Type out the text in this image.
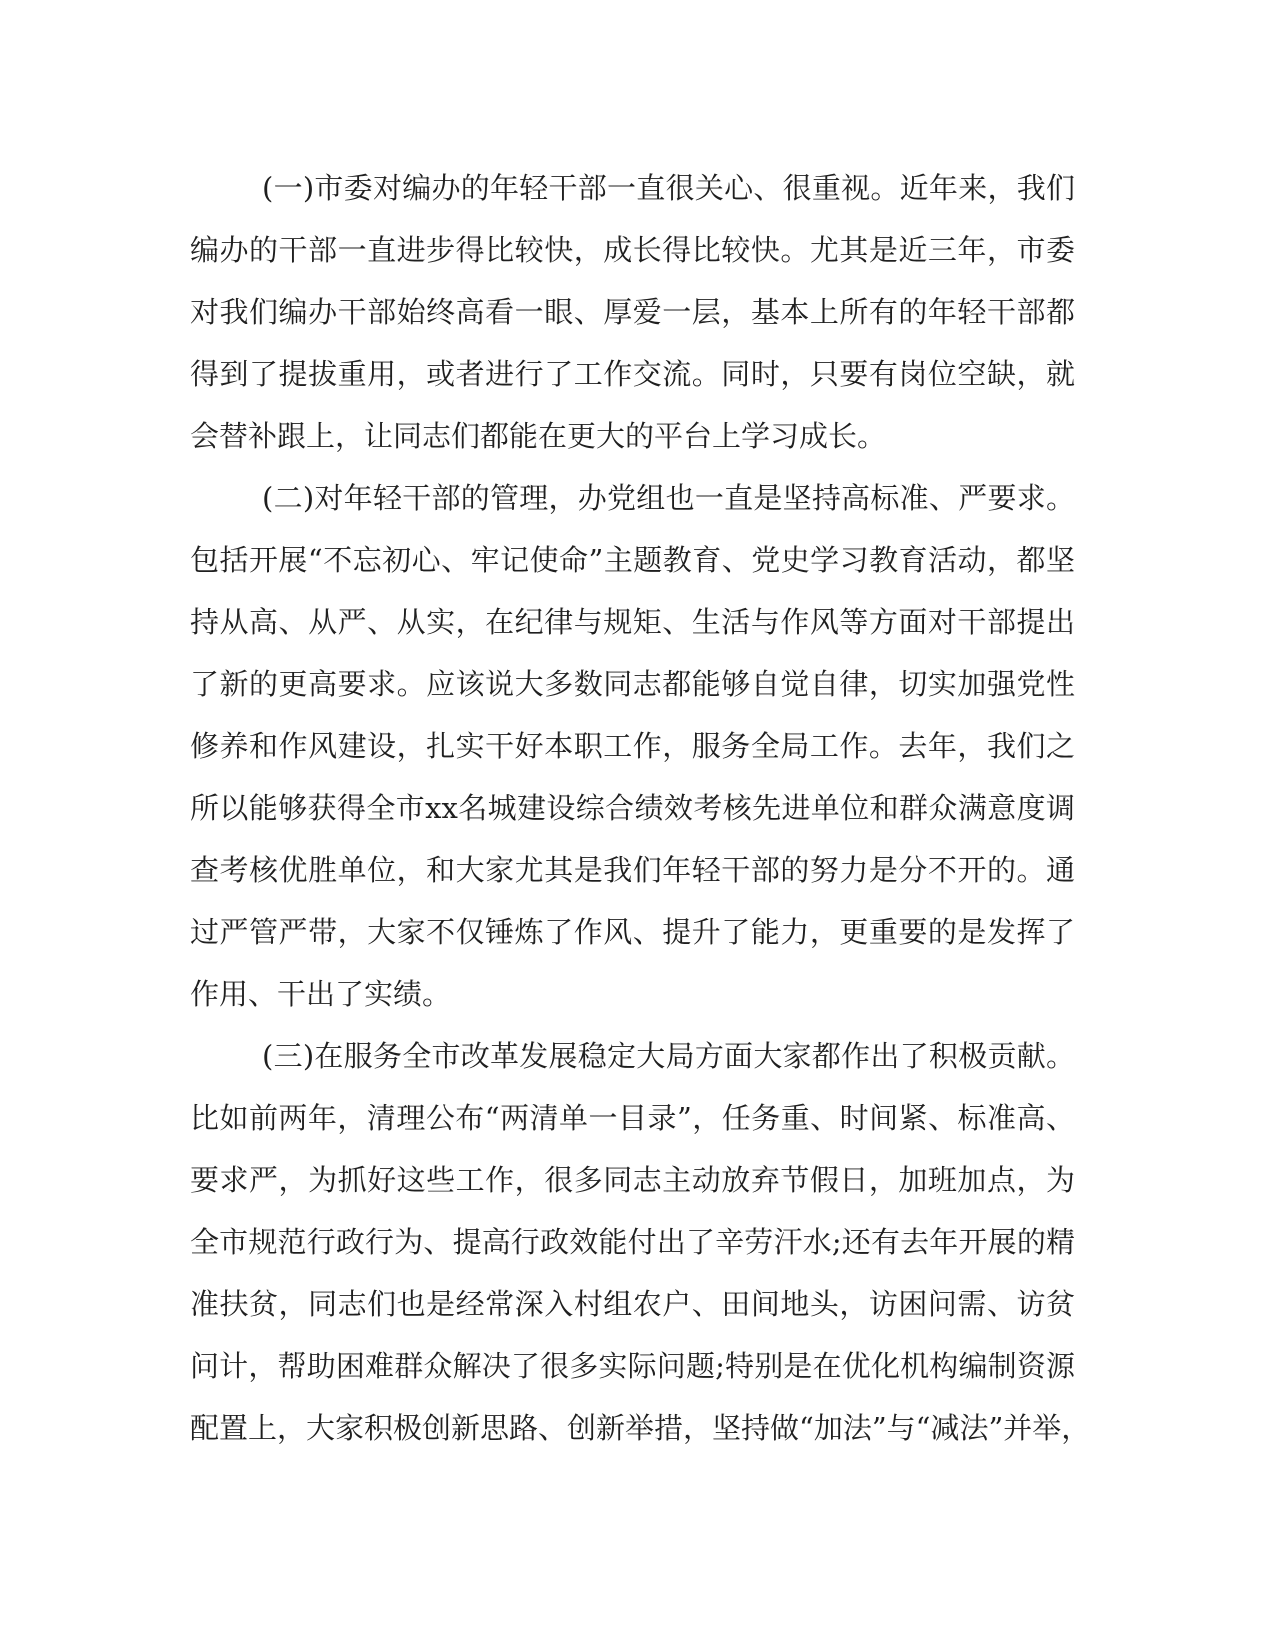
(一)市委对编办的年轻干部一直很关心、很重视。近年来，我们
编办的干部一直进步得比较快，成长得比较快。尤其是近三年，市委
对我们编办干部始终高看一眼、厚爱一层，基本上所有的年轻干部都
得到了提拔重用，或者进行了工作交流。同时，只要有岗位空缺，就
会替补跟上，让同志们都能在更大的平台上学习成长。
(二)对年轻干部的管理，办党组也一直是坚持高标准、严要求。
包括开展“不忘初心、牢记使命”主题教育、党史学习教育活动，都坚
持从高、从严、从实，在纪律与规矩、生活与作风等方面对干部提出
了新的更高要求。应该说大多数同志都能够自觉自律，切实加强党性
修养和作风建设，扎实干好本职工作，服务全局工作。去年，我们之
所以能够获得全市xx名城建设综合绩效考核先进单位和群众满意度调
查考核优胜单位，和大家尤其是我们年轻干部的努力是分不开的。通
过严管严带，大家不仅锤炼了作风、提升了能力，更重要的是发挥了
作用、干出了实绩。
(三)在服务全市改革发展稳定大局方面大家都作出了积极贡献。
比如前两年，清理公布“两清单一目录”，任务重、时间紧、标准高、
要求严，为抓好这些工作，很多同志主动放弃节假日，加班加点，为
全市规范行政行为、提高行政效能付出了辛劳汗水;还有去年开展的精
准扶贫，同志们也是经常深入村组农户、田间地头，访困问需、访贫
问计，帮助困难群众解决了很多实际问题;特别是在优化机构编制资源
配置上，大家积极创新思路、创新举措，坚持做“加法”与“减法”并举，
